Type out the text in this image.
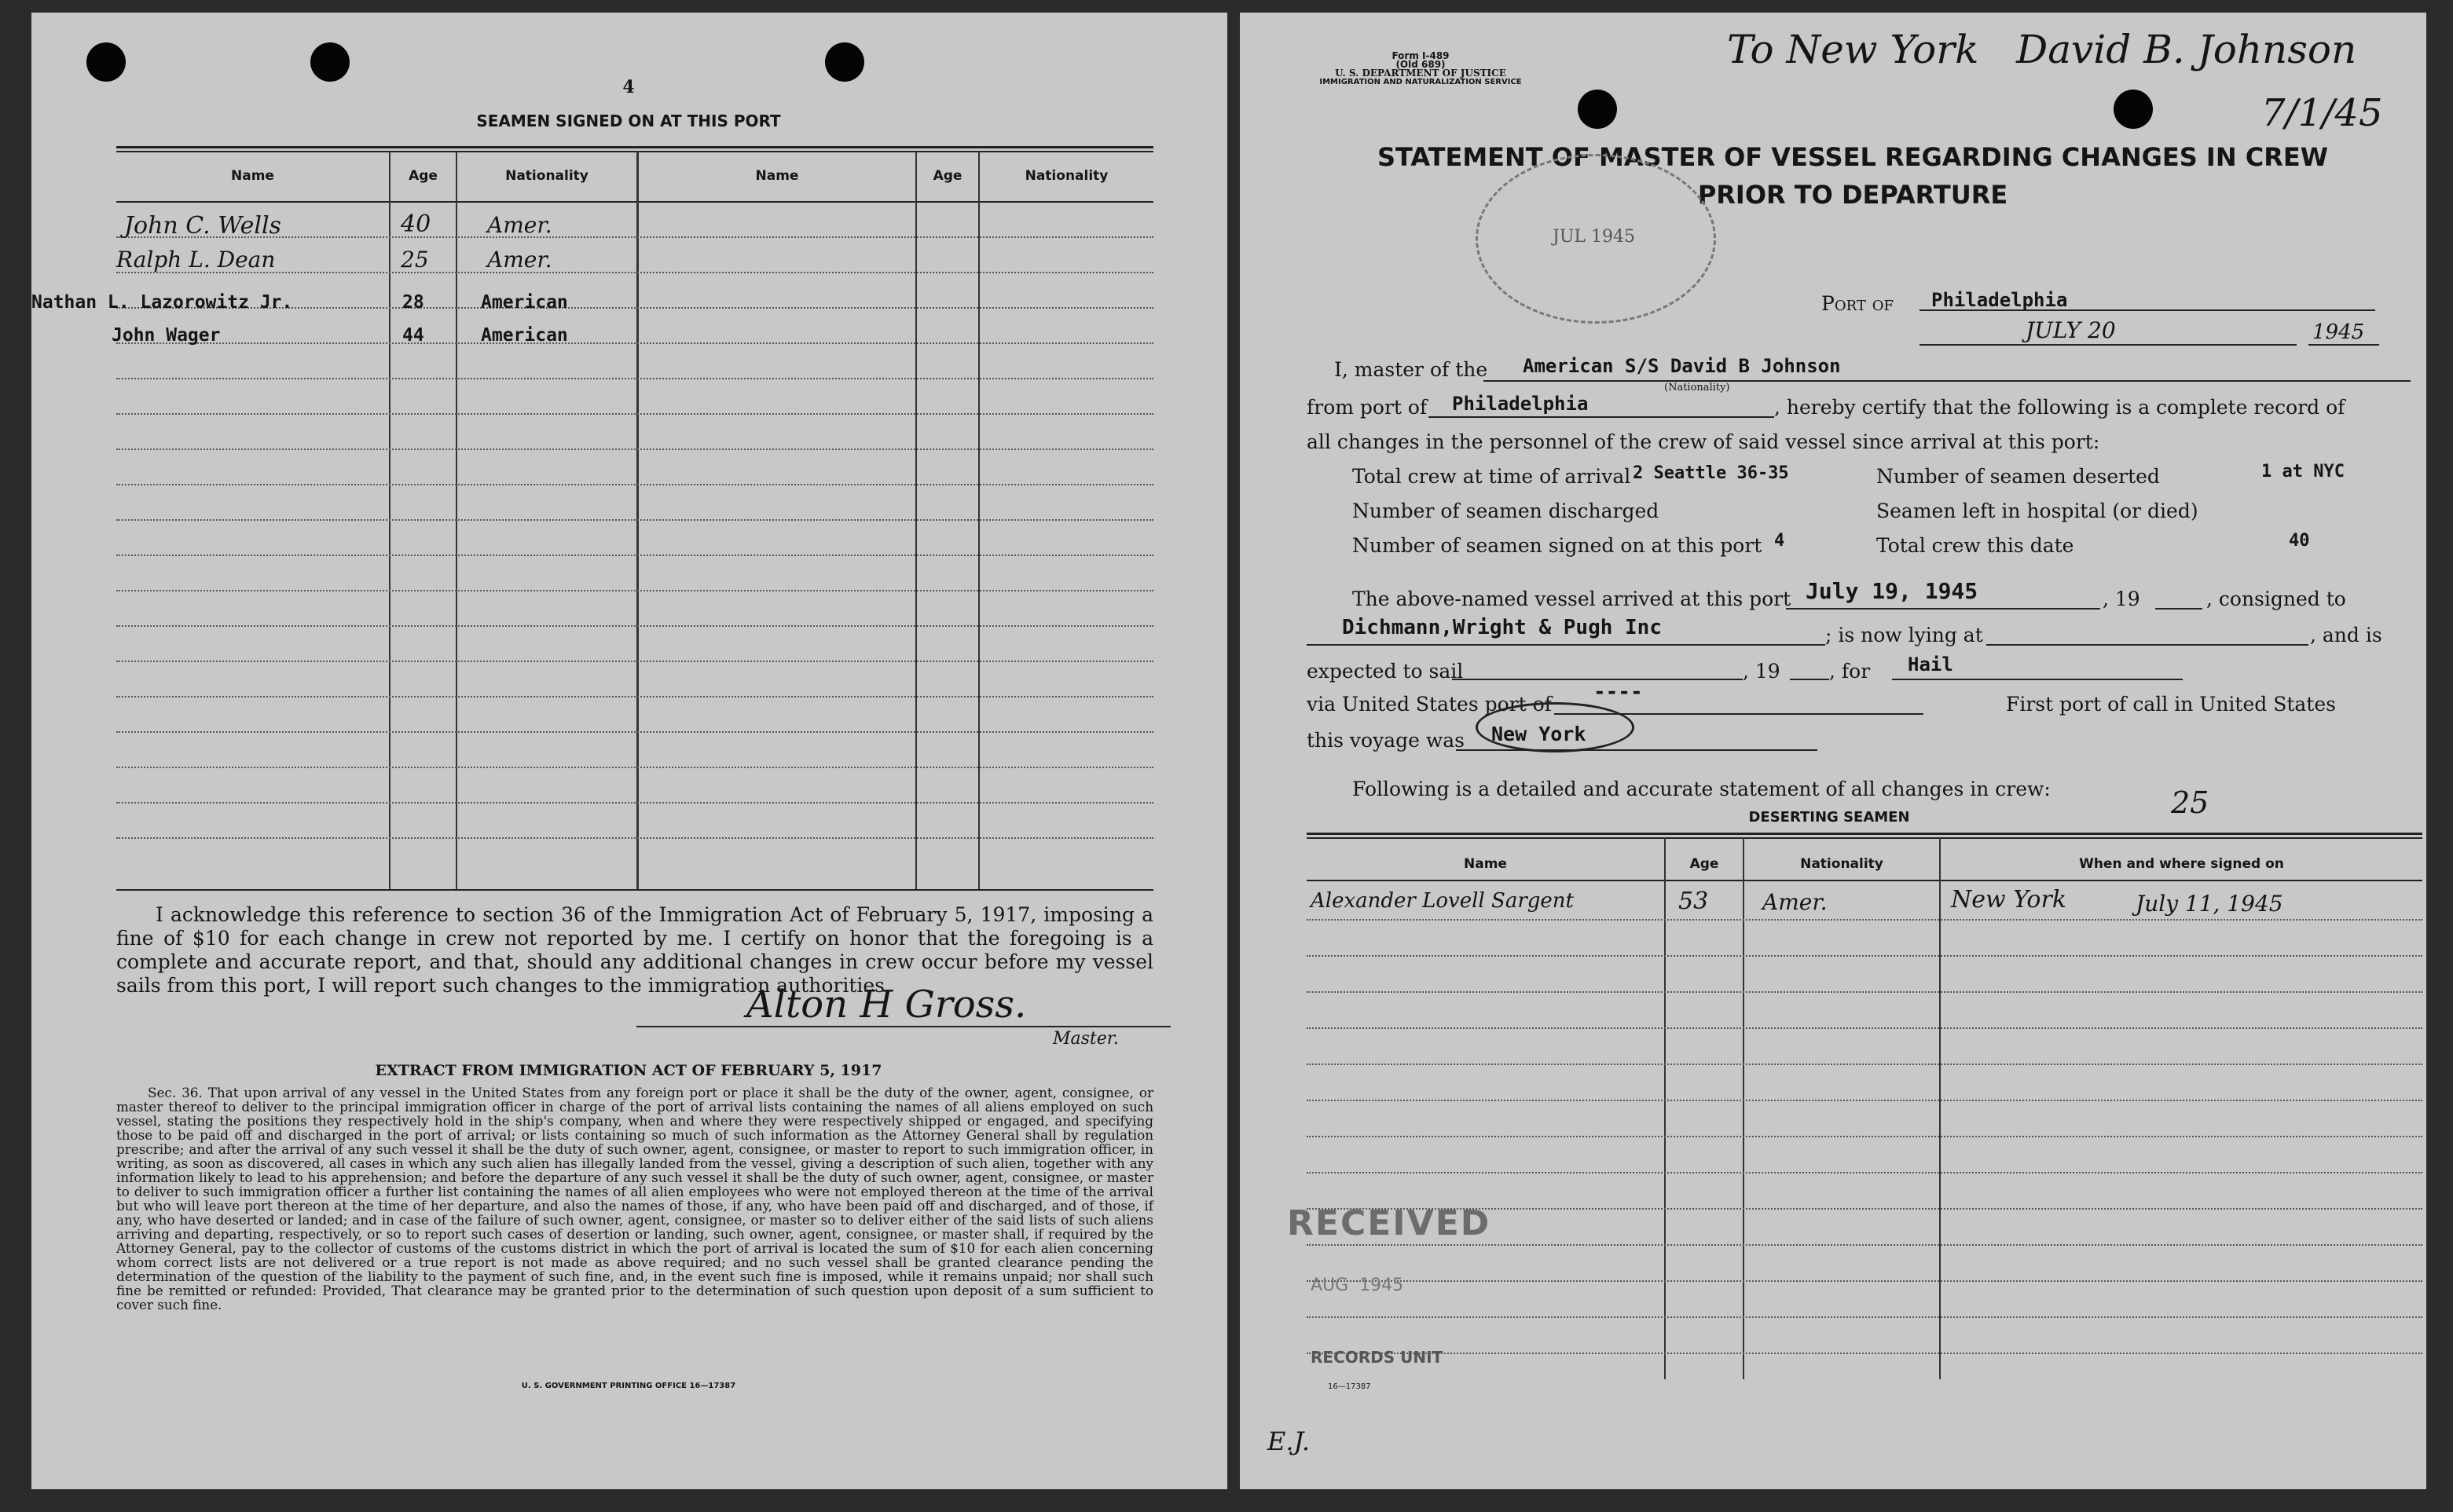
4
SEAMEN SIGNED ON AT THIS PORT
Name	Age	Nationality	Name	Age	Nationality
John C. Wells	40	Amer.
Ralph L. Dean	25	Amer.
Nathan L. Lazorowitz Jr.	28	American
John Wager	44	American
I acknowledge this reference to section 36 of the Immigration Act of February 5, 1917, imposing a fine of $10 for each change in crew not reported by me. I certify on honor that the foregoing is a complete and accurate report, and that, should any additional changes in crew occur before my vessel sails from this port, I will report such changes to the immigration authorities.
Alton H Gross.
Master.
EXTRACT FROM IMMIGRATION ACT OF FEBRUARY 5, 1917
Sec. 36. That upon arrival of any vessel in the United States from any foreign port or place it shall be the duty of the owner, agent, consignee, or master thereof to deliver to the principal immigration officer in charge of the port of arrival lists containing the names of all aliens employed on such vessel, stating the positions they respectively hold in the ship's company, when and where they were respectively shipped or engaged, and specifying those to be paid off and discharged in the port of arrival; or lists containing so much of such information as the Attorney General shall by regulation prescribe; and after the arrival of any such vessel it shall be the duty of such owner, agent, consignee, or master to report to such immigration officer, in writing, as soon as discovered, all cases in which any such alien has illegally landed from the vessel, giving a description of such alien, together with any information likely to lead to his apprehension; and before the departure of any such vessel it shall be the duty of such owner, agent, consignee, or master to deliver to such immigration officer a further list containing the names of all alien employees who were not employed thereon at the time of the arrival but who will leave port thereon at the time of her departure, and also the names of those, if any, who have been paid off and discharged, and of those, if any, who have deserted or landed; and in case of the failure of such owner, agent, consignee, or master so to deliver either of the said lists of such aliens arriving and departing, respectively, or so to report such cases of desertion or landing, such owner, agent, consignee, or master shall, if required by the Attorney General, pay to the collector of customs of the customs district in which the port of arrival is located the sum of $10 for each alien concerning whom correct lists are not delivered or a true report is not made as above required; and no such vessel shall be granted clearance pending the determination of the question of the liability to the payment of such fine, and, in the event such fine is imposed, while it remains unpaid; nor shall such fine be remitted or refunded: Provided, That clearance may be granted prior to the determination of such question upon deposit of a sum sufficient to cover such fine.
U. S. GOVERNMENT PRINTING OFFICE 16—17387
To New York   David B. Johnson
7/1/45
Form I-489
(Old 689)
U. S. DEPARTMENT OF JUSTICE
IMMIGRATION AND NATURALIZATION SERVICE
STATEMENT OF MASTER OF VESSEL REGARDING CHANGES IN CREW
PRIOR TO DEPARTURE
JUL 1945
Port of Philadelphia
JULY 20	1945
I, master of the American S/S David B Johnson
(Nationality)
from port of Philadelphia	, hereby certify that the following is a complete record of
all changes in the personnel of the crew of said vessel since arrival at this port:
Total crew at time of arrival 2 Seattle 36-35	Number of seamen deserted	1 at NYC
Number of seamen discharged	Seamen left in hospital (or died)
Number of seamen signed on at this port 4	Total crew this date	40
The above-named vessel arrived at this port July 19, 1945	, 19	, consigned to
Dichmann,Wright & Pugh Inc	; is now lying at	, and is
expected to sail	, 19 , for Hail
via United States port of
----
First port of call in United States
this voyage was New York
Following is a detailed and accurate statement of all changes in crew:	25
DESERTING SEAMEN
Name	Age	Nationality	When and where signed on
Alexander Lovell Sargent	53 Amer.	New York	July 11, 1945
RECEIVED
AUG  1945
RECORDS UNIT
16—17387
E.J.
